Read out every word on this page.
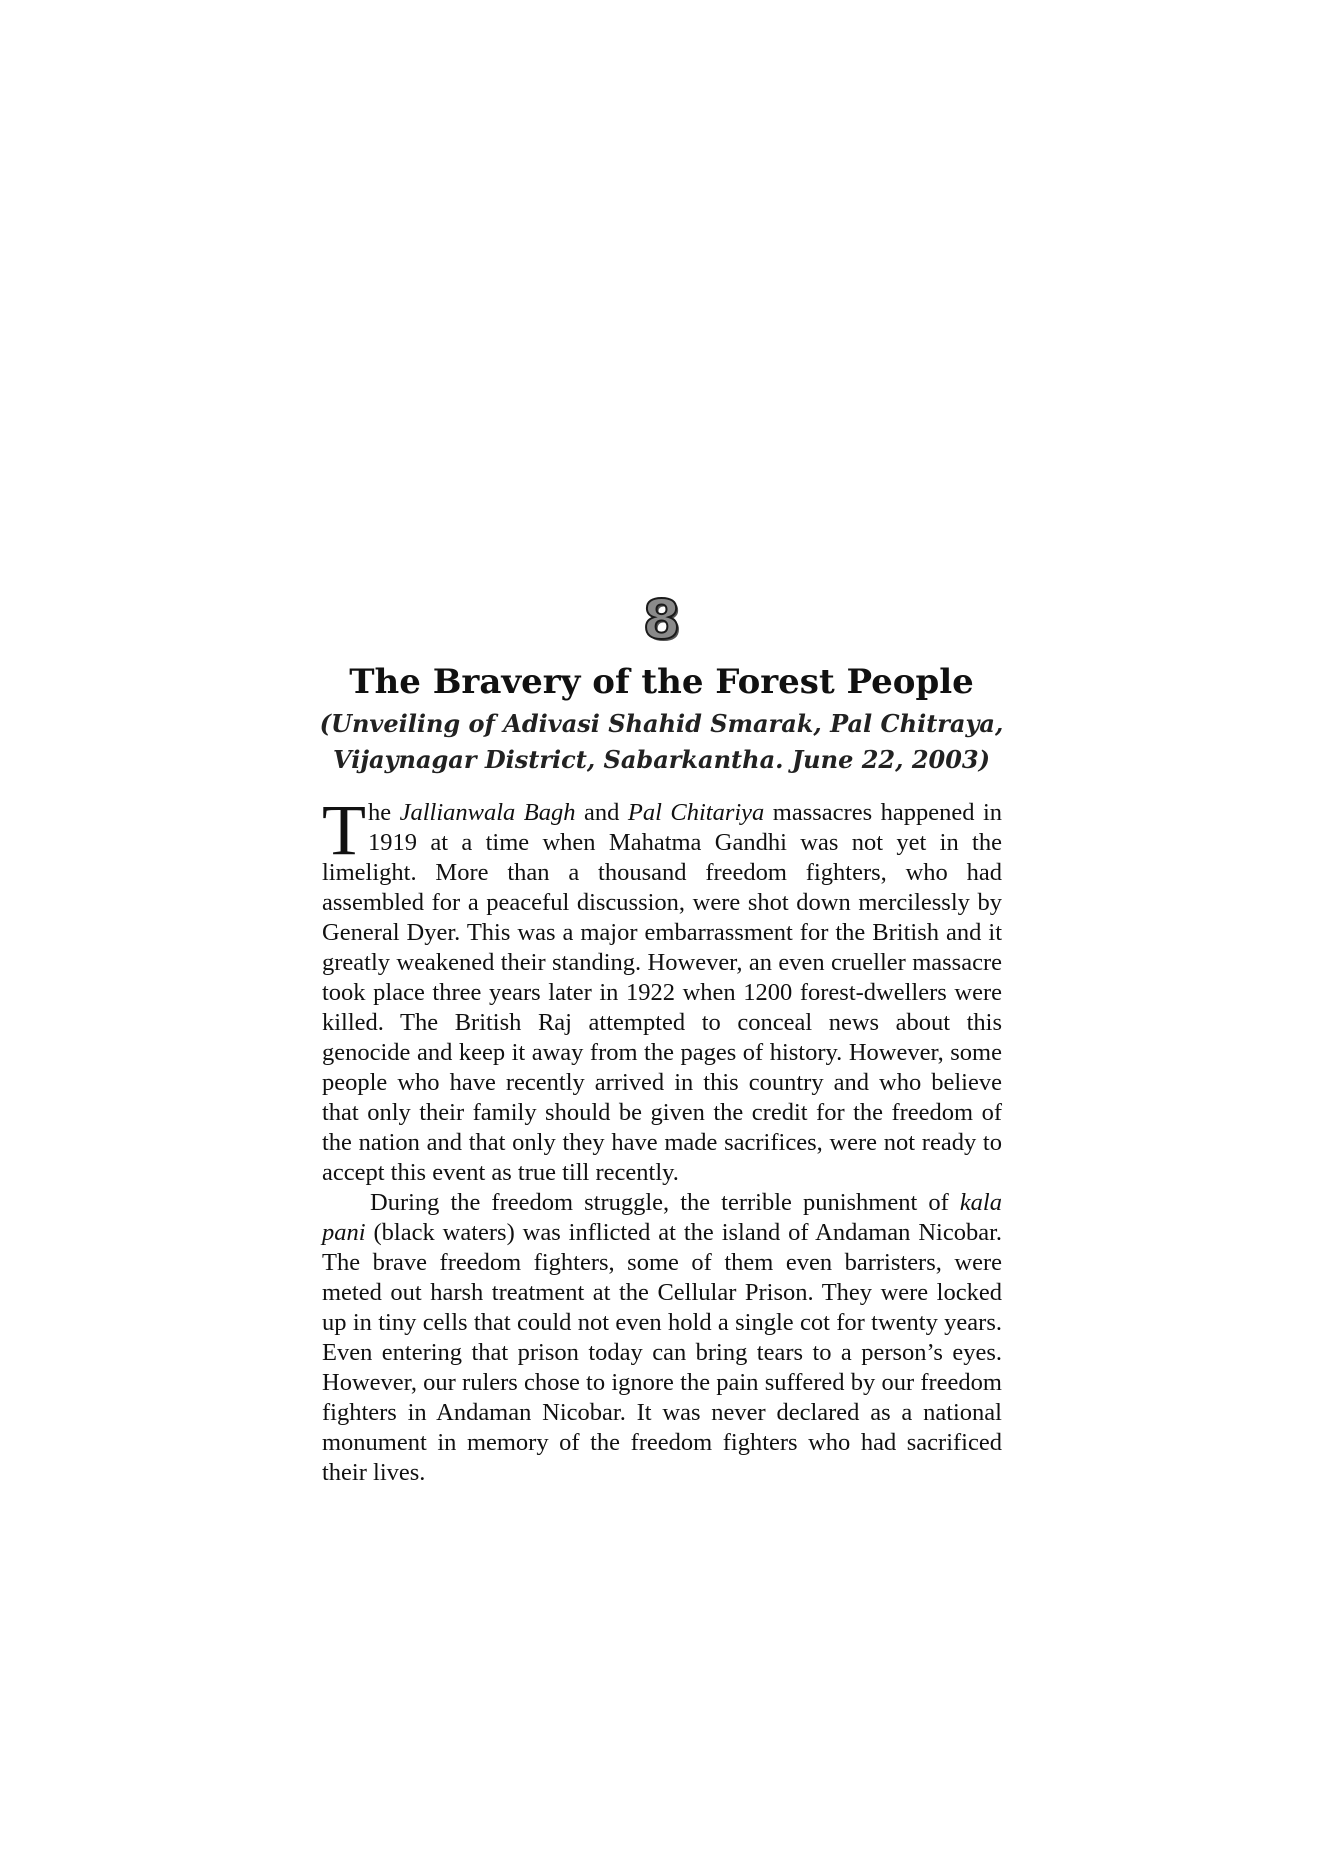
8
The Bravery of the Forest People
(Unveiling of Adivasi Shahid Smarak, Pal Chitraya,
Vijaynagar District, Sabarkantha. June 22, 2003)

The Jallianwala Bagh and Pal Chitariya massacres happened in 1919 at a time when Mahatma Gandhi was not yet in the limelight. More than a thousand freedom fighters, who had assembled for a peaceful discussion, were shot down mercilessly by General Dyer. This was a major embarrassment for the British and it greatly weakened their standing. However, an even crueller massacre took place three years later in 1922 when 1200 forest-dwellers were killed. The British Raj attempted to conceal news about this genocide and keep it away from the pages of history. However, some people who have recently arrived in this country and who believe that only their family should be given the credit for the freedom of the nation and that only they have made sacrifices, were not ready to accept this event as true till recently.

During the freedom struggle, the terrible punishment of kala pani (black waters) was inflicted at the island of Andaman Nicobar. The brave freedom fighters, some of them even barristers, were meted out harsh treatment at the Cellular Prison. They were locked up in tiny cells that could not even hold a single cot for twenty years. Even entering that prison today can bring tears to a person’s eyes. However, our rulers chose to ignore the pain suffered by our freedom fighters in Andaman Nicobar. It was never declared as a national monument in memory of the freedom fighters who had sacrificed their lives.
